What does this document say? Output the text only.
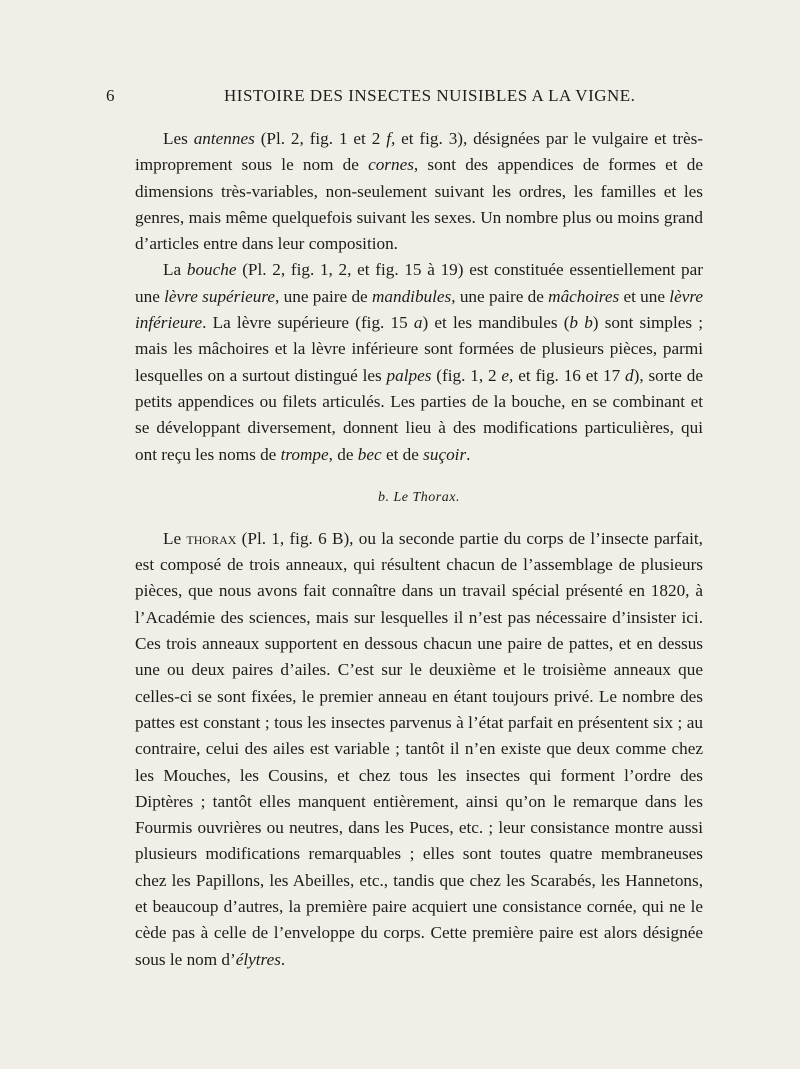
6	HISTOIRE DES INSECTES NUISIBLES A LA VIGNE.

Les antennes (Pl. 2, fig. 1 et 2 f, et fig. 3), désignées par le vulgaire et très-improprement sous le nom de cornes, sont des appendices de formes et de dimensions très-variables, non-seulement suivant les ordres, les familles et les genres, mais même quelquefois suivant les sexes. Un nombre plus ou moins grand d’articles entre dans leur composition.

La bouche (Pl. 2, fig. 1, 2, et fig. 15 à 19) est constituée essentiellement par une lèvre supérieure, une paire de mandibules, une paire de mâchoires et une lèvre inférieure. La lèvre supérieure (fig. 15 a) et les mandibules (b b) sont simples ; mais les mâchoires et la lèvre inférieure sont formées de plusieurs pièces, parmi lesquelles on a surtout distingué les palpes (fig. 1, 2 e, et fig. 16 et 17 d), sorte de petits appendices ou filets articulés. Les parties de la bouche, en se combinant et se développant diversement, donnent lieu à des modifications particulières, qui ont reçu les noms de trompe, de bec et de suçoir.

b. Le Thorax.

Le thorax (Pl. 1, fig. 6 B), ou la seconde partie du corps de l’insecte parfait, est composé de trois anneaux, qui résultent chacun de l’assemblage de plusieurs pièces, que nous avons fait connaître dans un travail spécial présenté en 1820, à l’Académie des sciences, mais sur lesquelles il n’est pas nécessaire d’insister ici. Ces trois anneaux supportent en dessous chacun une paire de pattes, et en dessus une ou deux paires d’ailes. C’est sur le deuxième et le troisième anneaux que celles-ci se sont fixées, le premier anneau en étant toujours privé. Le nombre des pattes est constant ; tous les insectes parvenus à l’état parfait en présentent six ; au contraire, celui des ailes est variable ; tantôt il n’en existe que deux comme chez les Mouches, les Cousins, et chez tous les insectes qui forment l’ordre des Diptères ; tantôt elles manquent entièrement, ainsi qu’on le remarque dans les Fourmis ouvrières ou neutres, dans les Puces, etc. ; leur consistance montre aussi plusieurs modifications remarquables ; elles sont toutes quatre membraneuses chez les Papillons, les Abeilles, etc., tandis que chez les Scarabés, les Hannetons, et beaucoup d’autres, la première paire acquiert une consistance cornée, qui ne le cède pas à celle de l’enveloppe du corps. Cette première paire est alors désignée sous le nom d’élytres.
